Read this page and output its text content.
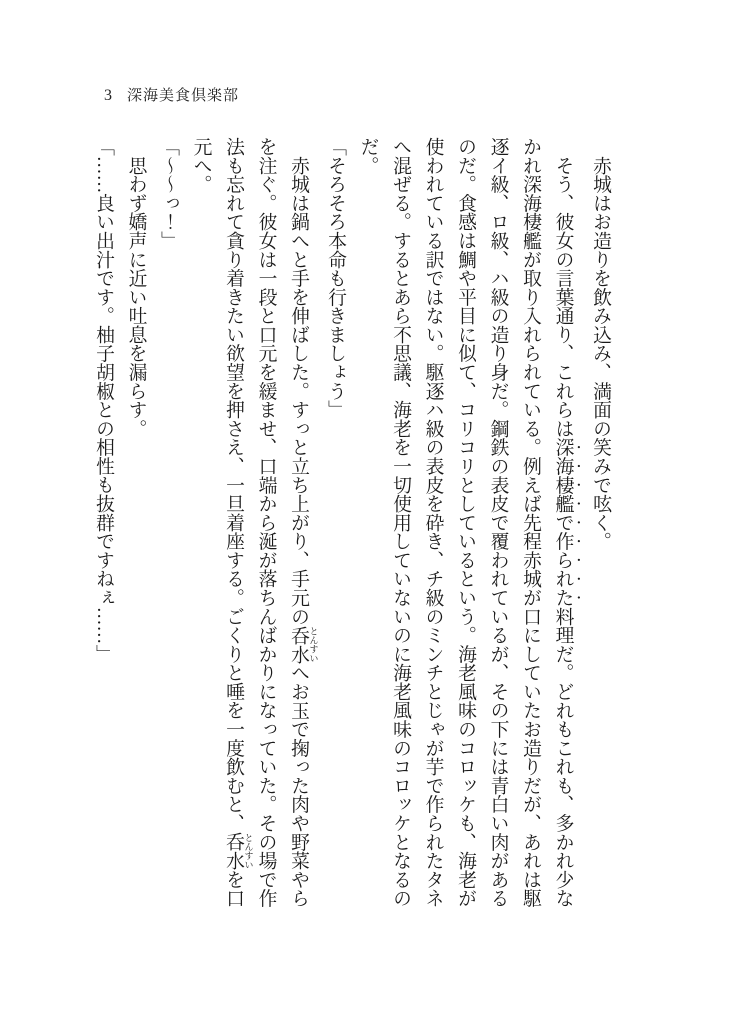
3 深海美食倶楽部

　赤城はお造りを飲み込み、満面の笑みで呟く。

　そう、彼女の言葉通り、これらは深海棲艦で作られた料理だ。どれもこれも、多かれ少なかれ深海棲艦が取り入れられている。例えば先程赤城が口にしていたお造りだが、あれは駆逐イ級、ロ級、ハ級の造り身だ。鋼鉄の表皮で覆われているが、その下には青白い肉があるのだ。食感は鯛や平目に似て、コリコリとしているという。海老風味のコロッケも、海老が使われている訳ではない。駆逐ハ級の表皮を砕き、チ級のミンチとじゃが芋で作られたタネへ混ぜる。するとあら不思議、海老を一切使用していないのに海老風味のコロッケとなるのだ。

「そろそろ本命も行きましょう」

　赤城は鍋へと手を伸ばした。すっと立ち上がり、手元の呑水 とんすいへお玉で掬った肉や野菜やらを注ぐ。彼女は一段と口元を緩ませ、口端から涎が落ちんばかりになっていた。その場で作法も忘れて貪り着きたい欲望を押さえ、一旦着座する。ごくりと唾を一度飲むと、呑水 とんすいを口元へ。

「〜〜っ！」

　思わず嬌声に近い吐息を漏らす。

「……良い出汁です。柚子胡椒との相性も抜群ですねぇ……」
